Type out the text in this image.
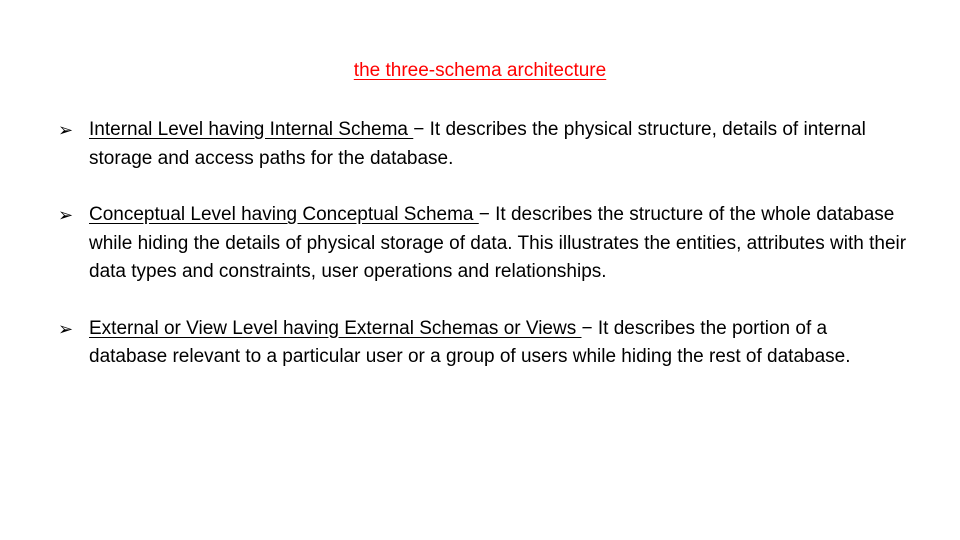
the three-schema architecture
➢ Internal Level having Internal Schema − It describes the physical structure, details of internal storage and access paths for the database.
➢ Conceptual Level having Conceptual Schema − It describes the structure of the whole database while hiding the details of physical storage of data. This illustrates the entities, attributes with their data types and constraints, user operations and relationships.
➢ External or View Level having External Schemas or Views − It describes the portion of a database relevant to a particular user or a group of users while hiding the rest of database.
